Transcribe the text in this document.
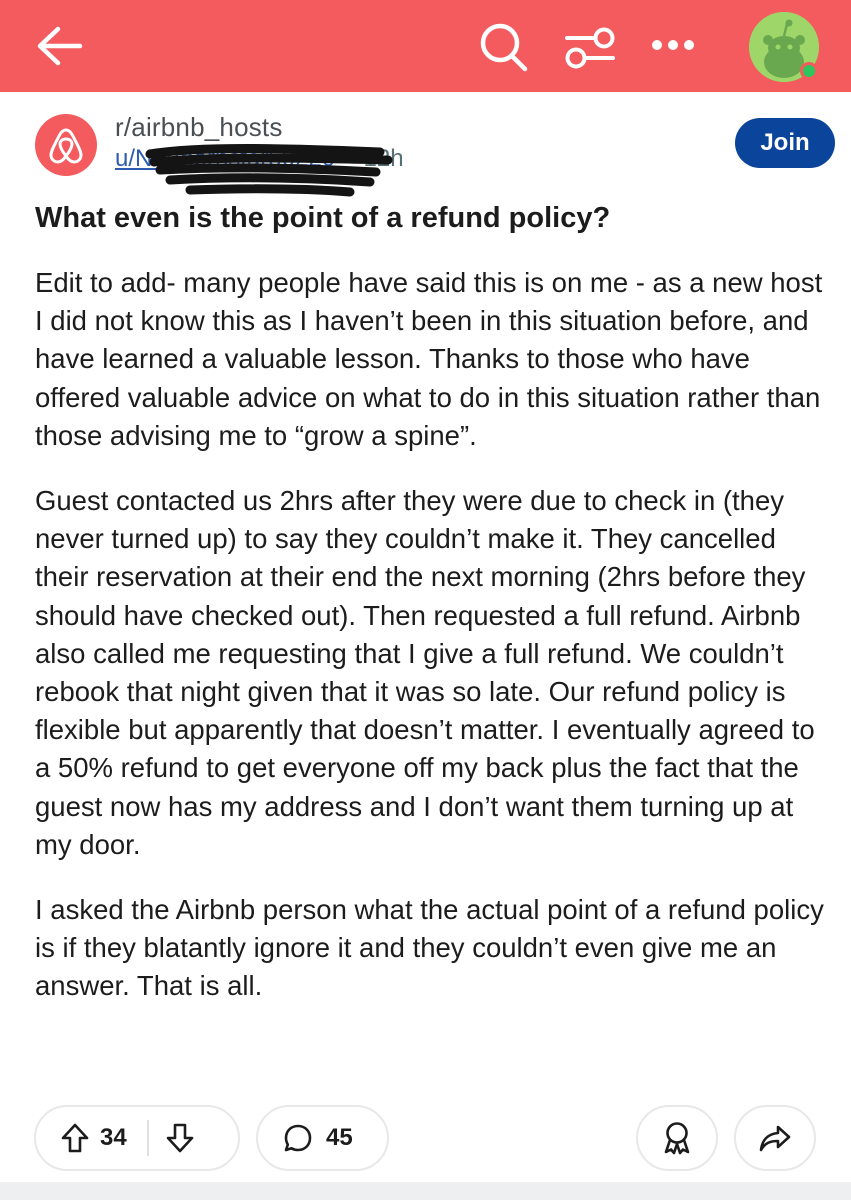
r/airbnb_hosts
u/Northernstar50220 • 12h
Join
What even is the point of a refund policy?

Edit to add- many people have said this is on me - as a new host I did not know this as I haven’t been in this situation before, and have learned a valuable lesson. Thanks to those who have offered valuable advice on what to do in this situation rather than those advising me to “grow a spine”.

Guest contacted us 2hrs after they were due to check in (they never turned up) to say they couldn’t make it. They cancelled their reservation at their end the next morning (2hrs before they should have checked out). Then requested a full refund. Airbnb also called me requesting that I give a full refund. We couldn’t rebook that night given that it was so late. Our refund policy is flexible but apparently that doesn’t matter. I eventually agreed to a 50% refund to get everyone off my back plus the fact that the guest now has my address and I don’t want them turning up at my door.

I asked the Airbnb person what the actual point of a refund policy is if they blatantly ignore it and they couldn’t even give me an answer. That is all.

34	45
